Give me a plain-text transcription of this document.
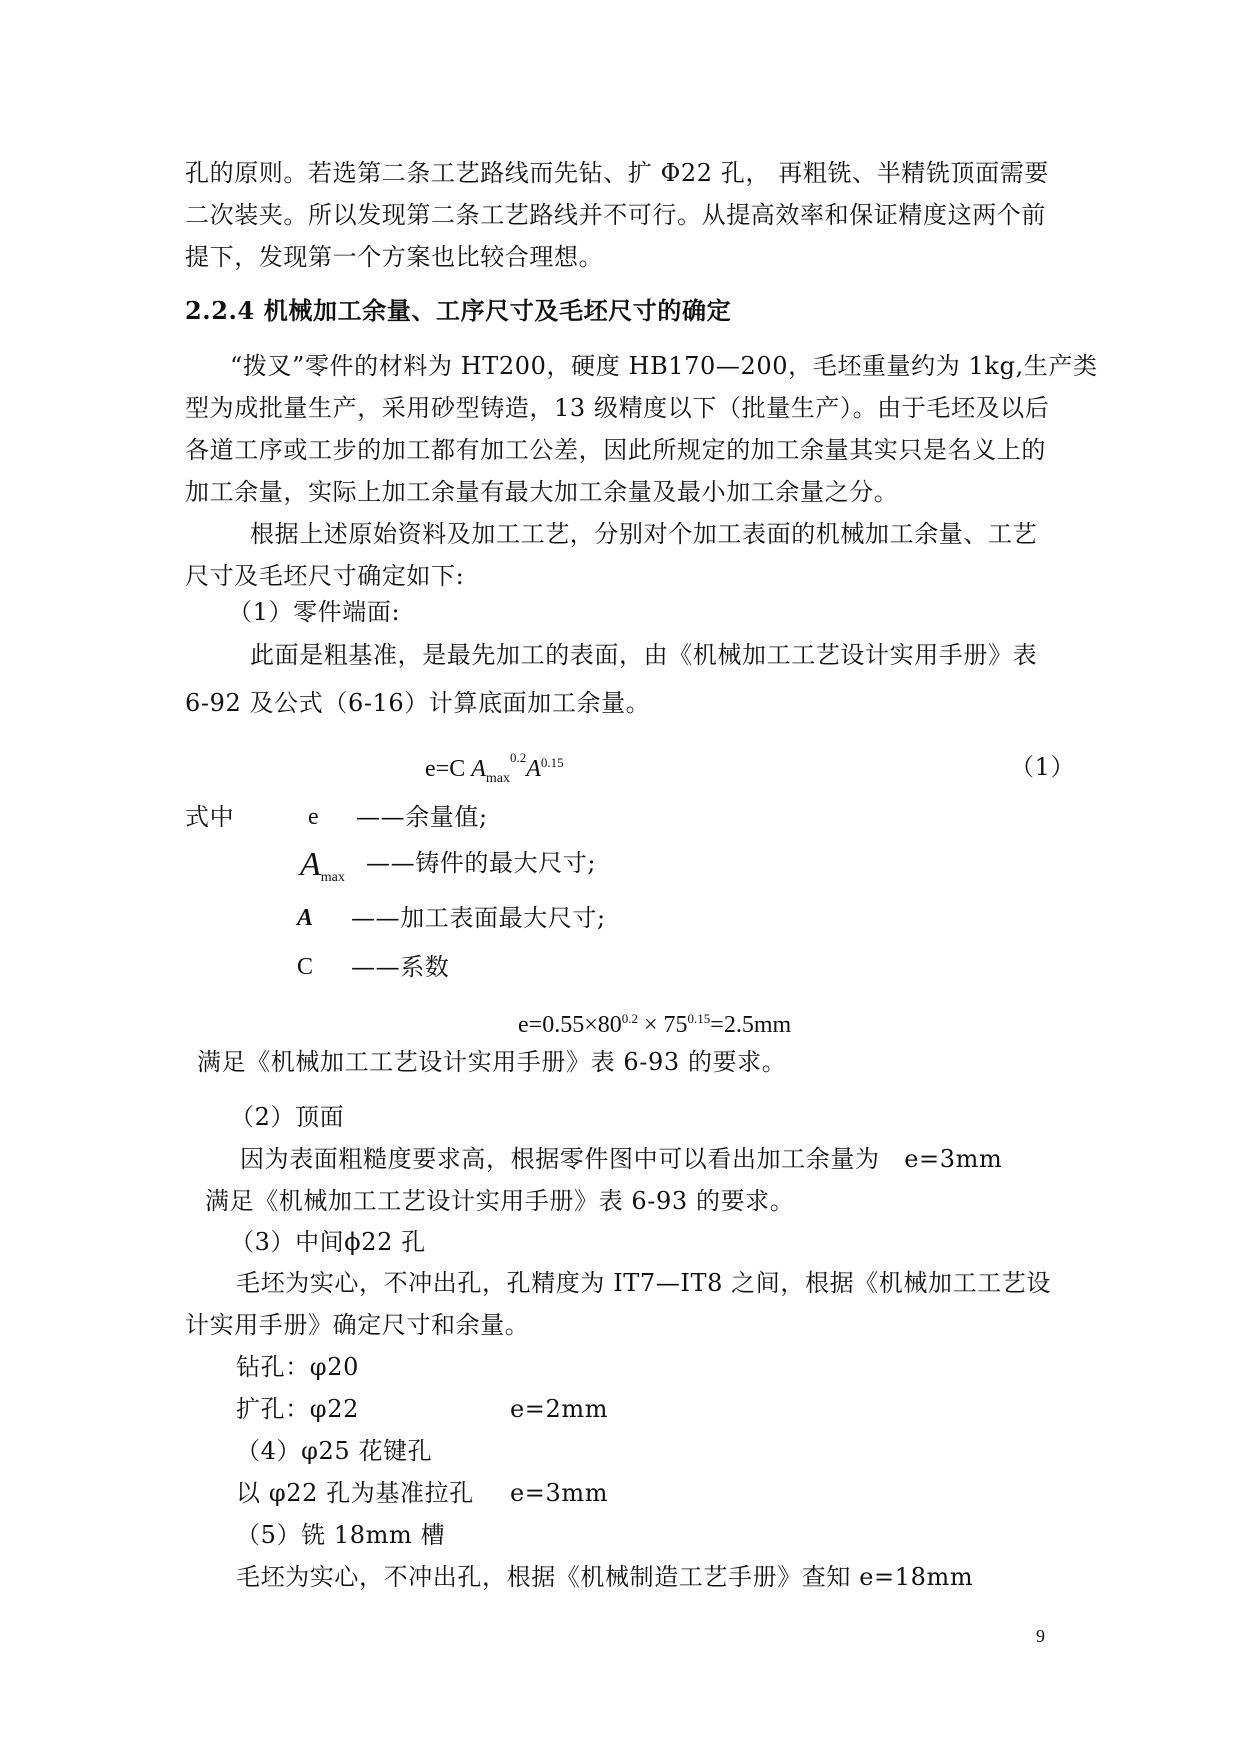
孔的原则。若选第二条工艺路线而先钻、扩 Φ22 孔， 再粗铣、半精铣顶面需要
二次装夹。所以发现第二条工艺路线并不可行。从提高效率和保证精度这两个前
提下，发现第一个方案也比较合理想。
2.2.4 机械加工余量、工序尺寸及毛坯尺寸的确定
“拨叉”零件的材料为 HT200，硬度 HB170—200，毛坯重量约为 1kg,生产类
型为成批量生产，采用砂型铸造，13 级精度以下（批量生产）。由于毛坯及以后
各道工序或工步的加工都有加工公差，因此所规定的加工余量其实只是名义上的
加工余量，实际上加工余量有最大加工余量及最小加工余量之分。
根据上述原始资料及加工工艺，分别对个加工表面的机械加工余量、工艺
尺寸及毛坯尺寸确定如下:
（1）零件端面:
此面是粗基准，是最先加工的表面，由《机械加工工艺设计实用手册》表
6-92 及公式（6-16）计算底面加工余量。
e=C $A_{max}^{0.2}A^{0.15}$	（1）
式中	e ——余量值;
$A_{max}$
——铸件的最大尺寸;
A ——加工表面最大尺寸;
C ——系数
$e=0.55\times 80^{0.2} \times 75^{0.15}=2.5mm$
满足《机械加工工艺设计实用手册》表 6-93 的要求。
（2）顶面
因为表面粗糙度要求高，根据零件图中可以看出加工余量为　e=3mm
满足《机械加工工艺设计实用手册》表 6-93 的要求。
（3）中间ϕ22 孔
毛坯为实心，不冲出孔，孔精度为 IT7—IT8 之间，根据《机械加工工艺设
计实用手册》确定尺寸和余量。
钻孔：φ20
扩孔：φ22	e=2mm
（4）φ25 花键孔
以 φ22 孔为基准拉孔 e=3mm
（5）铣 18mm 槽
毛坯为实心，不冲出孔，根据《机械制造工艺手册》查知 e=18mm
9
